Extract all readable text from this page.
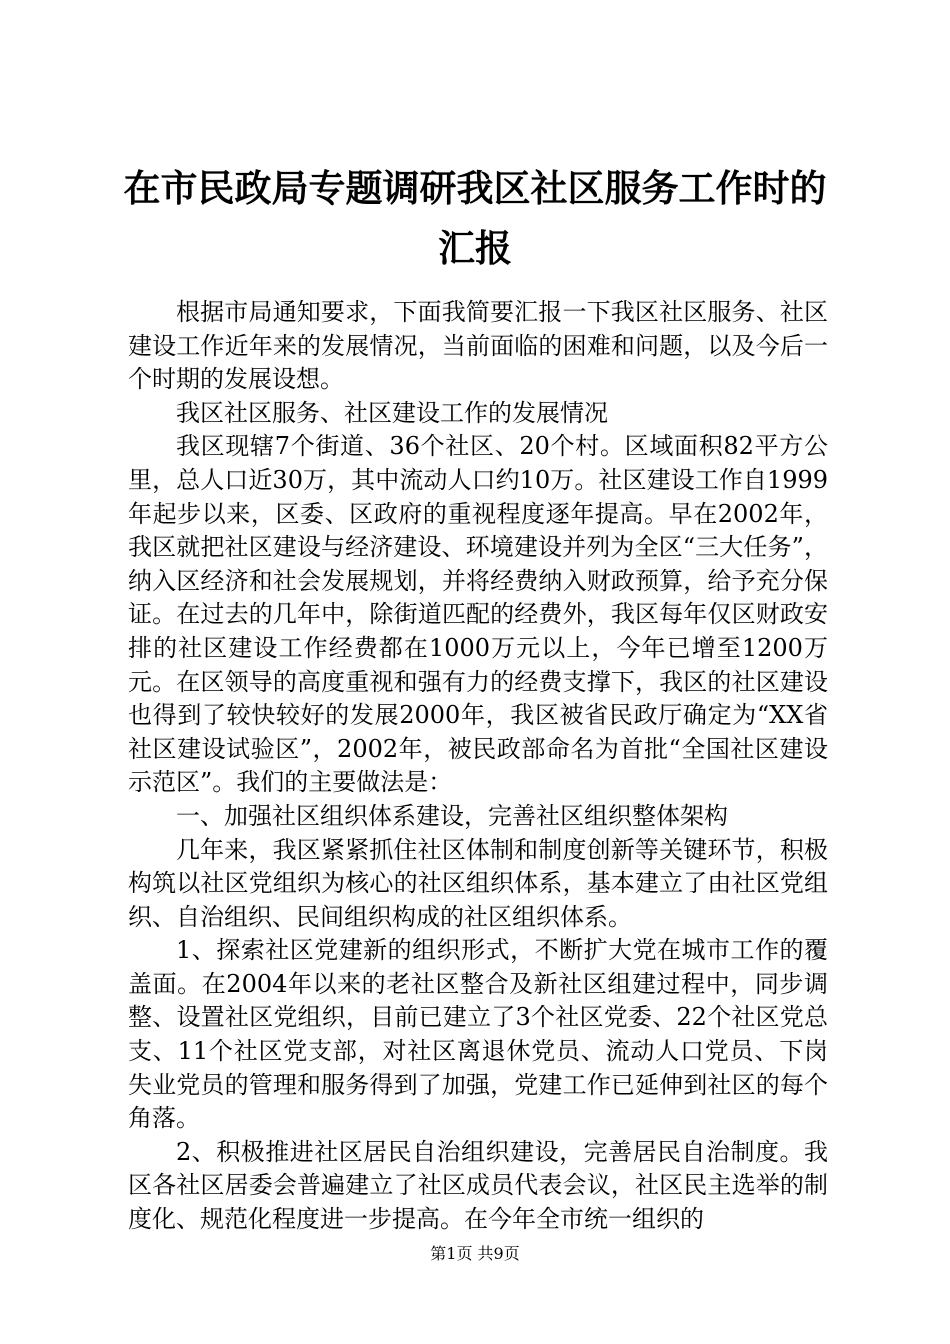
在市民政局专题调研我区社区服务工作时的汇报

根据市局通知要求，下面我简要汇报一下我区社区服务、社区建设工作近年来的发展情况，当前面临的困难和问题，以及今后一个时期的发展设想。

我区社区服务、社区建设工作的发展情况

我区现辖7个街道、36个社区、20个村。区域面积82平方公里，总人口近30万，其中流动人口约10万。社区建设工作自1999年起步以来，区委、区政府的重视程度逐年提高。早在2002年，我区就把社区建设与经济建设、环境建设并列为全区“三大任务”，纳入区经济和社会发展规划，并将经费纳入财政预算，给予充分保证。在过去的几年中，除街道匹配的经费外，我区每年仅区财政安排的社区建设工作经费都在1000万元以上，今年已增至1200万元。在区领导的高度重视和强有力的经费支撑下，我区的社区建设也得到了较快较好的发展2000年，我区被省民政厅确定为“XX省社区建设试验区”，2002年，被民政部命名为首批“全国社区建设示范区”。我们的主要做法是：

一、加强社区组织体系建设，完善社区组织整体架构

几年来，我区紧紧抓住社区体制和制度创新等关键环节，积极构筑以社区党组织为核心的社区组织体系，基本建立了由社区党组织、自治组织、民间组织构成的社区组织体系。

1、探索社区党建新的组织形式，不断扩大党在城市工作的覆盖面。在2004年以来的老社区整合及新社区组建过程中，同步调整、设置社区党组织，目前已建立了3个社区党委、22个社区党总支、11个社区党支部，对社区离退休党员、流动人口党员、下岗失业党员的管理和服务得到了加强，党建工作已延伸到社区的每个角落。

2、积极推进社区居民自治组织建设，完善居民自治制度。我区各社区居委会普遍建立了社区成员代表会议，社区民主选举的制度化、规范化程度进一步提高。在今年全市统一组织的

第1页 共9页
